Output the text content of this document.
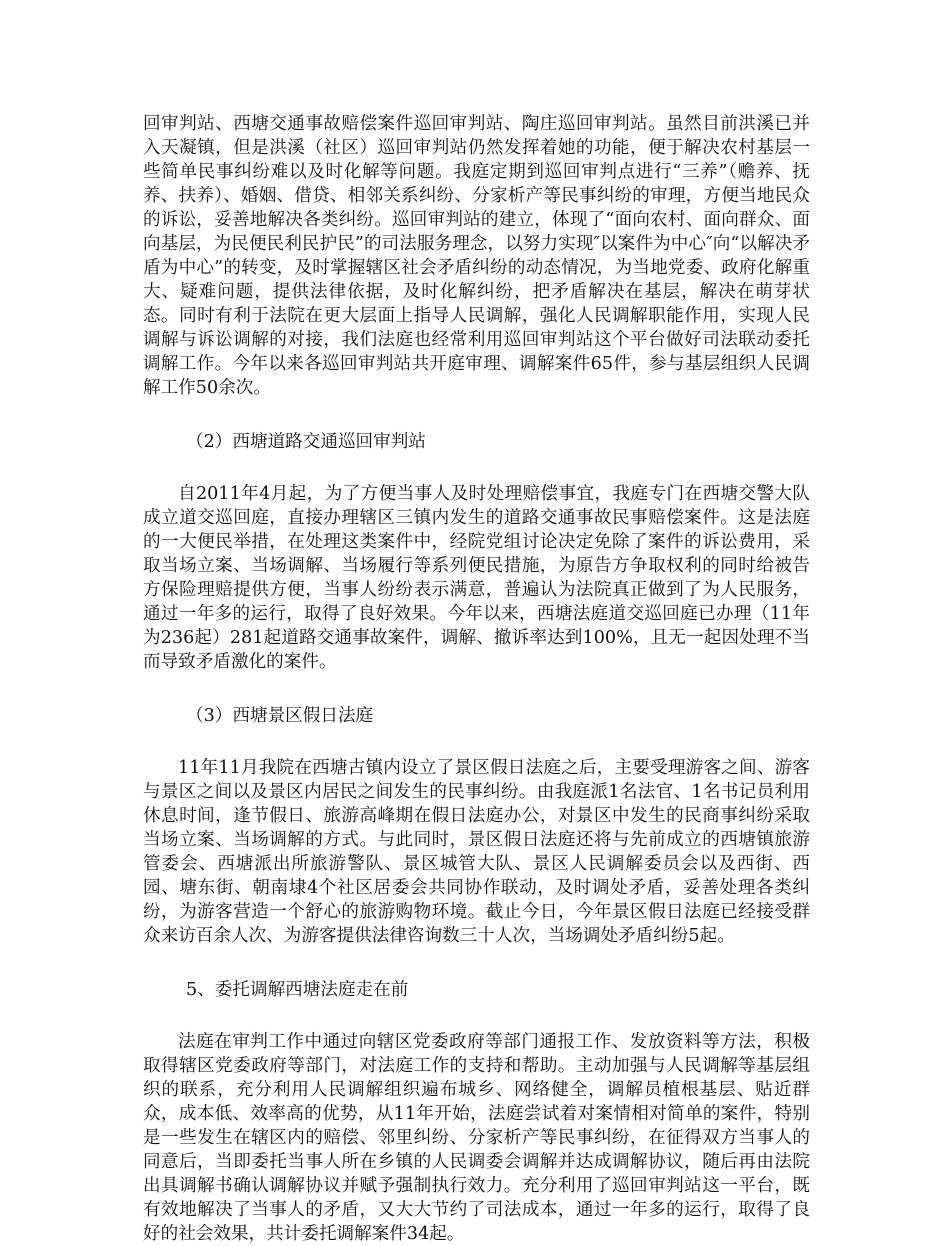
回审判站、西塘交通事故赔偿案件巡回审判站、陶庄巡回审判站。虽然目前洪溪已并入天凝镇，但是洪溪（社区）巡回审判站仍然发挥着她的功能，便于解决农村基层一些简单民事纠纷难以及时化解等问题。我庭定期到巡回审判点进行“三养”（赡养、抚养、扶养）、婚姻、借贷、相邻关系纠纷、分家析产等民事纠纷的审理，方便当地民众的诉讼，妥善地解决各类纠纷。巡回审判站的建立，体现了“面向农村、面向群众、面向基层，为民便民利民护民”的司法服务理念，以努力实现″以案件为中心″向“以解决矛盾为中心”的转变，及时掌握辖区社会矛盾纠纷的动态情况，为当地党委、政府化解重大、疑难问题，提供法律依据，及时化解纠纷，把矛盾解决在基层，解决在萌芽状态。同时有利于法院在更大层面上指导人民调解，强化人民调解职能作用，实现人民调解与诉讼调解的对接，我们法庭也经常利用巡回审判站这个平台做好司法联动委托调解工作。今年以来各巡回审判站共开庭审理、调解案件65件，参与基层组织人民调解工作50余次。

（2）西塘道路交通巡回审判站

自2011年4月起，为了方便当事人及时处理赔偿事宜，我庭专门在西塘交警大队成立道交巡回庭，直接办理辖区三镇内发生的道路交通事故民事赔偿案件。这是法庭的一大便民举措，在处理这类案件中，经院党组讨论决定免除了案件的诉讼费用，采取当场立案、当场调解、当场履行等系列便民措施，为原告方争取权利的同时给被告方保险理赔提供方便，当事人纷纷表示满意，普遍认为法院真正做到了为人民服务，通过一年多的运行，取得了良好效果。今年以来，西塘法庭道交巡回庭已办理（11年为236起）281起道路交通事故案件，调解、撤诉率达到100%，且无一起因处理不当而导致矛盾激化的案件。

（3）西塘景区假日法庭

11年11月我院在西塘古镇内设立了景区假日法庭之后，主要受理游客之间、游客与景区之间以及景区内居民之间发生的民事纠纷。由我庭派1名法官、1名书记员利用休息时间，逢节假日、旅游高峰期在假日法庭办公，对景区中发生的民商事纠纷采取当场立案、当场调解的方式。与此同时，景区假日法庭还将与先前成立的西塘镇旅游管委会、西塘派出所旅游警队、景区城管大队、景区人民调解委员会以及西街、西园、塘东街、朝南埭4个社区居委会共同协作联动，及时调处矛盾，妥善处理各类纠纷，为游客营造一个舒心的旅游购物环境。截止今日，今年景区假日法庭已经接受群众来访百余人次、为游客提供法律咨询数三十人次，当场调处矛盾纠纷5起。

5、委托调解西塘法庭走在前

法庭在审判工作中通过向辖区党委政府等部门通报工作、发放资料等方法，积极取得辖区党委政府等部门，对法庭工作的支持和帮助。主动加强与人民调解等基层组织的联系，充分利用人民调解组织遍布城乡、网络健全，调解员植根基层、贴近群众，成本低、效率高的优势，从11年开始，法庭尝试着对案情相对简单的案件，特别是一些发生在辖区内的赔偿、邻里纠纷、分家析产等民事纠纷，在征得双方当事人的同意后，当即委托当事人所在乡镇的人民调委会调解并达成调解协议，随后再由法院出具调解书确认调解协议并赋予强制执行效力。充分利用了巡回审判站这一平台，既有效地解决了当事人的矛盾，又大大节约了司法成本，通过一年多的运行，取得了良好的社会效果，共计委托调解案件34起。
